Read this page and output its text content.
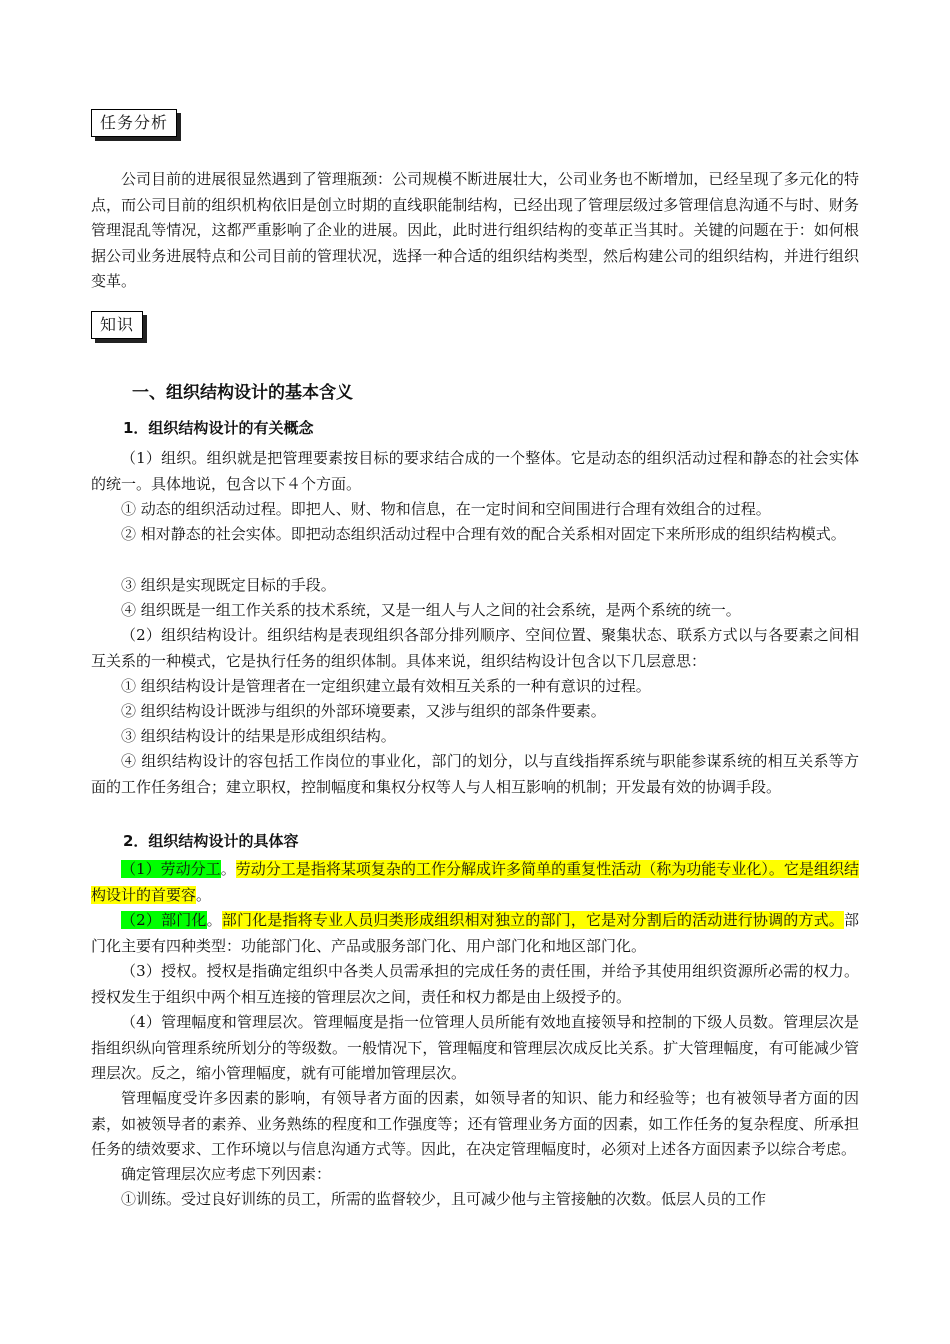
任务分析

公司目前的进展很显然遇到了管理瓶颈：公司规模不断进展壮大，公司业务也不断增加，已经呈现了多元化的特点，而公司目前的组织机构依旧是创立时期的直线职能制结构，已经出现了管理层级过多管理信息沟通不与时、财务管理混乱等情况，这都严重影响了企业的进展。因此，此时进行组织结构的变革正当其时。关键的问题在于：如何根据公司业务进展特点和公司目前的管理状况，选择一种合适的组织结构类型，然后构建公司的组织结构，并进行组织变革。

知识
一、组织结构设计的基本含义
1．组织结构设计的有关概念

（1）组织。组织就是把管理要素按目标的要求结合成的一个整体。它是动态的组织活动过程和静态的社会实体的统一。具体地说，包含以下４个方面。

① 动态的组织活动过程。即把人、财、物和信息，在一定时间和空间围进行合理有效组合的过程。

② 相对静态的社会实体。即把动态组织活动过程中合理有效的配合关系相对固定下来所形成的组织结构模式。

③ 组织是实现既定目标的手段。

④ 组织既是一组工作关系的技术系统，又是一组人与人之间的社会系统，是两个系统的统一。

（2）组织结构设计。组织结构是表现组织各部分排列顺序、空间位置、聚集状态、联系方式以与各要素之间相互关系的一种模式，它是执行任务的组织体制。具体来说，组织结构设计包含以下几层意思：

① 组织结构设计是管理者在一定组织建立最有效相互关系的一种有意识的过程。

② 组织结构设计既涉与组织的外部环境要素，又涉与组织的部条件要素。

③ 组织结构设计的结果是形成组织结构。

④ 组织结构设计的容包括工作岗位的事业化，部门的划分，以与直线指挥系统与职能参谋系统的相互关系等方面的工作任务组合；建立职权，控制幅度和集权分权等人与人相互影响的机制；开发最有效的协调手段。

2．组织结构设计的具体容

（1）劳动分工。劳动分工是指将某项复杂的工作分解成许多简单的重复性活动（称为功能专业化）。它是组织结构设计的首要容。

（2）部门化。部门化是指将专业人员归类形成组织相对独立的部门，它是对分割后的活动进行协调的方式。部门化主要有四种类型：功能部门化、产品或服务部门化、用户部门化和地区部门化。

（3）授权。授权是指确定组织中各类人员需承担的完成任务的责任围，并给予其使用组织资源所必需的权力。授权发生于组织中两个相互连接的管理层次之间，责任和权力都是由上级授予的。

（4）管理幅度和管理层次。管理幅度是指一位管理人员所能有效地直接领导和控制的下级人员数。管理层次是指组织纵向管理系统所划分的等级数。一般情况下，管理幅度和管理层次成反比关系。扩大管理幅度，有可能减少管理层次。反之，缩小管理幅度，就有可能增加管理层次。

管理幅度受许多因素的影响，有领导者方面的因素，如领导者的知识、能力和经验等；也有被领导者方面的因素，如被领导者的素养、业务熟练的程度和工作强度等；还有管理业务方面的因素，如工作任务的复杂程度、所承担任务的绩效要求、工作环境以与信息沟通方式等。因此，在决定管理幅度时，必须对上述各方面因素予以综合考虑。

确定管理层次应考虑下列因素：

①训练。受过良好训练的员工，所需的监督较少，且可减少他与主管接触的次数。低层人员的工作
